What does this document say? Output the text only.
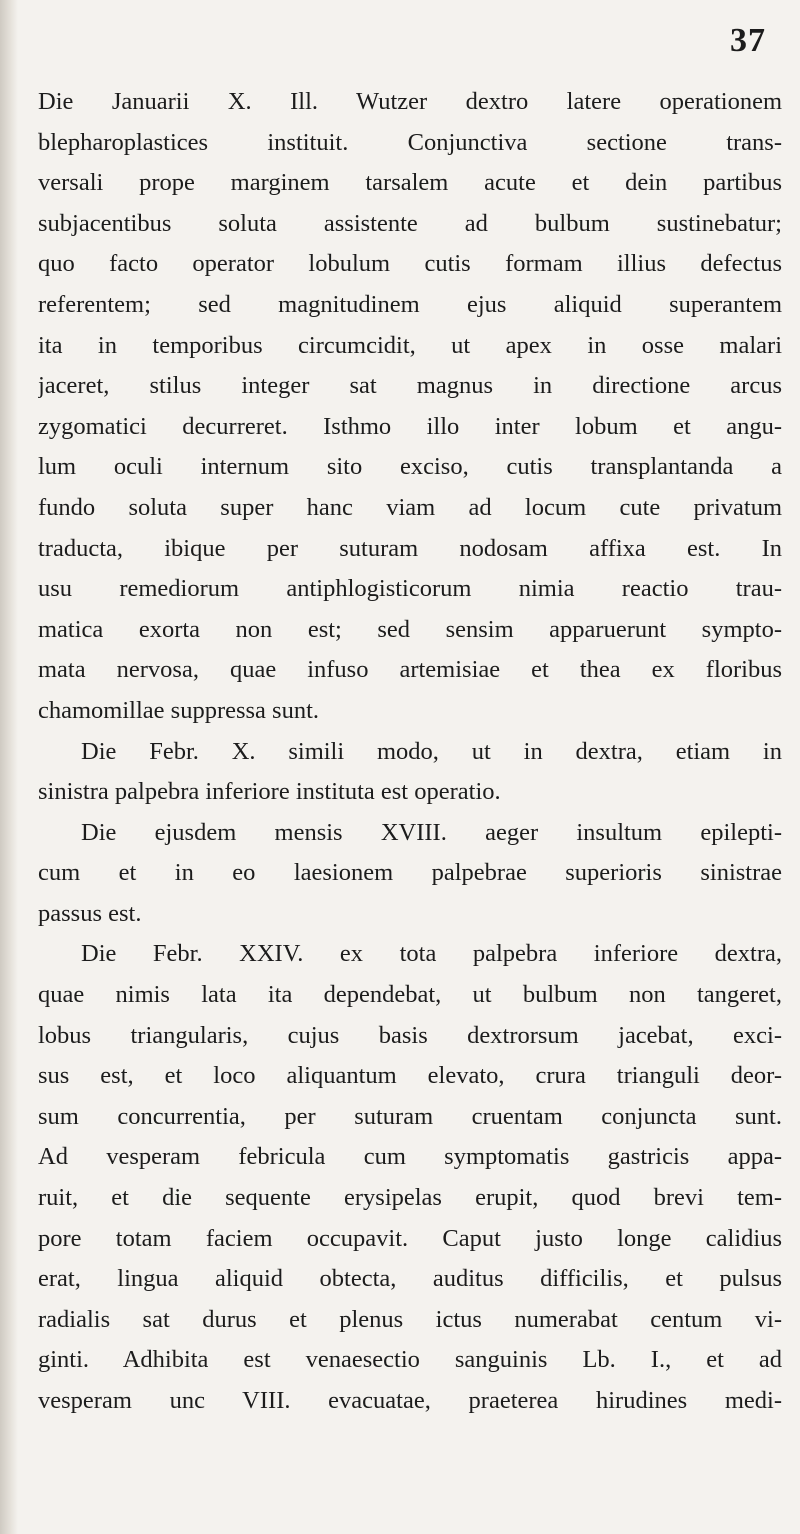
37
Die Januarii X. Ill. Wutzer dextro latere operationem
blepharoplastices instituit. Conjunctiva sectione trans-
versali prope marginem tarsalem acute et dein partibus
subjacentibus soluta assistente ad bulbum sustinebatur;
quo facto operator lobulum cutis formam illius defectus
referentem; sed magnitudinem ejus aliquid superantem
ita in temporibus circumcidit, ut apex in osse malari
jaceret, stilus integer sat magnus in directione arcus
zygomatici decurreret. Isthmo illo inter lobum et angu-
lum oculi internum sito exciso, cutis transplantanda a
fundo soluta super hanc viam ad locum cute privatum
traducta, ibique per suturam nodosam affixa est. In
usu remediorum antiphlogisticorum nimia reactio trau-
matica exorta non est; sed sensim apparuerunt sympto-
mata nervosa, quae infuso artemisiae et thea ex floribus
chamomillae suppressa sunt.
Die Febr. X. simili modo, ut in dextra, etiam in
sinistra palpebra inferiore instituta est operatio.
Die ejusdem mensis XVIII. aeger insultum epilepti-
cum et in eo laesionem palpebrae superioris sinistrae
passus est.
Die Febr. XXIV. ex tota palpebra inferiore dextra,
quae nimis lata ita dependebat, ut bulbum non tangeret,
lobus triangularis, cujus basis dextrorsum jacebat, exci-
sus est, et loco aliquantum elevato, crura trianguli deor-
sum concurrentia, per suturam cruentam conjuncta sunt.
Ad vesperam febricula cum symptomatis gastricis appa-
ruit, et die sequente erysipelas erupit, quod brevi tem-
pore totam faciem occupavit. Caput justo longe calidius
erat, lingua aliquid obtecta, auditus difficilis, et pulsus
radialis sat durus et plenus ictus numerabat centum vi-
ginti. Adhibita est venaesectio sanguinis Lb. I., et ad
vesperam unc VIII. evacuatae, praeterea hirudines medi-
